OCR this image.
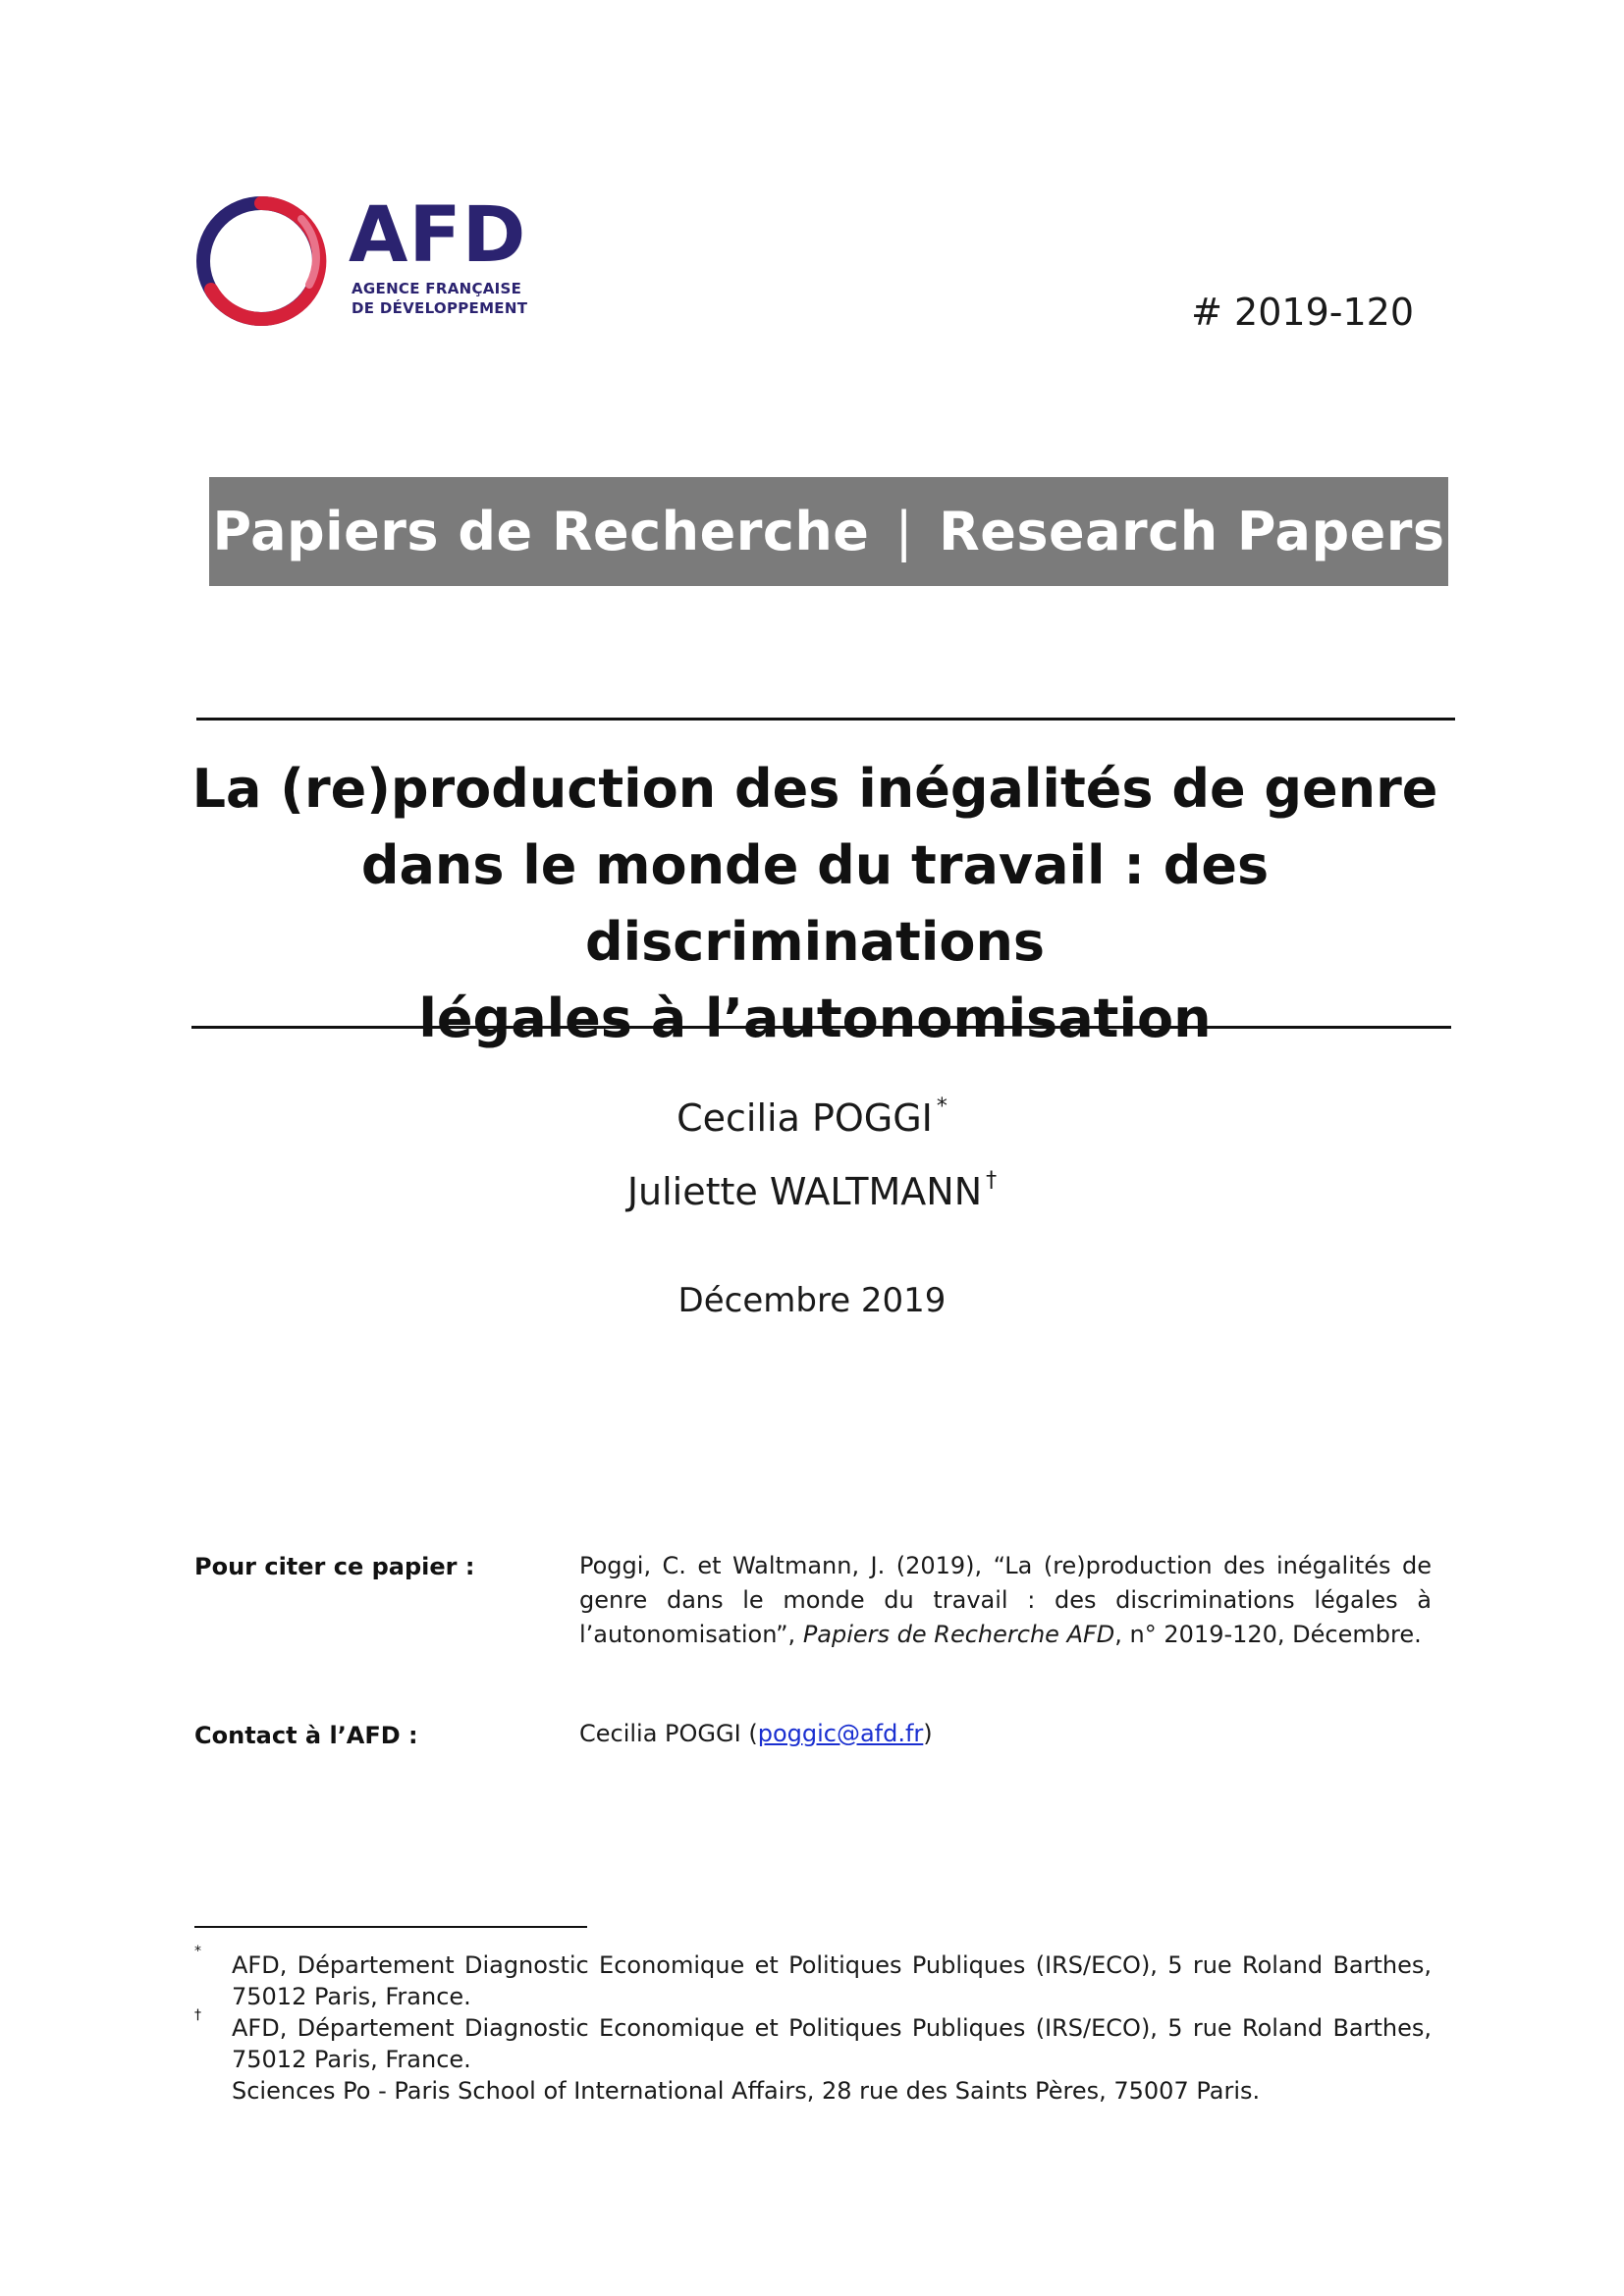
AFD
AGENCE FRANÇAISE
DE DÉVELOPPEMENT	# 2019-120
Papiers de Recherche | Research Papers
La (re)production des inégalités de genre
dans le monde du travail : des discriminations
légales à l’autonomisation
Cecilia POGGI *
Juliette WALTMANN †
Décembre 2019
Pour citer ce papier :	Poggi, C. et Waltmann, J. (2019), “La (re)production des inégalités de genre dans le monde du travail : des discriminations légales à l’autonomisation”, Papiers de Recherche AFD, n° 2019-120, Décembre.
Contact à l’AFD :	Cecilia POGGI (poggic@afd.fr)
* AFD, Département Diagnostic Economique et Politiques Publiques (IRS/ECO), 5 rue Roland Barthes, 75012 Paris, France.
† AFD, Département Diagnostic Economique et Politiques Publiques (IRS/ECO), 5 rue Roland Barthes, 75012 Paris, France.
Sciences Po - Paris School of International Affairs, 28 rue des Saints Pères, 75007 Paris.
